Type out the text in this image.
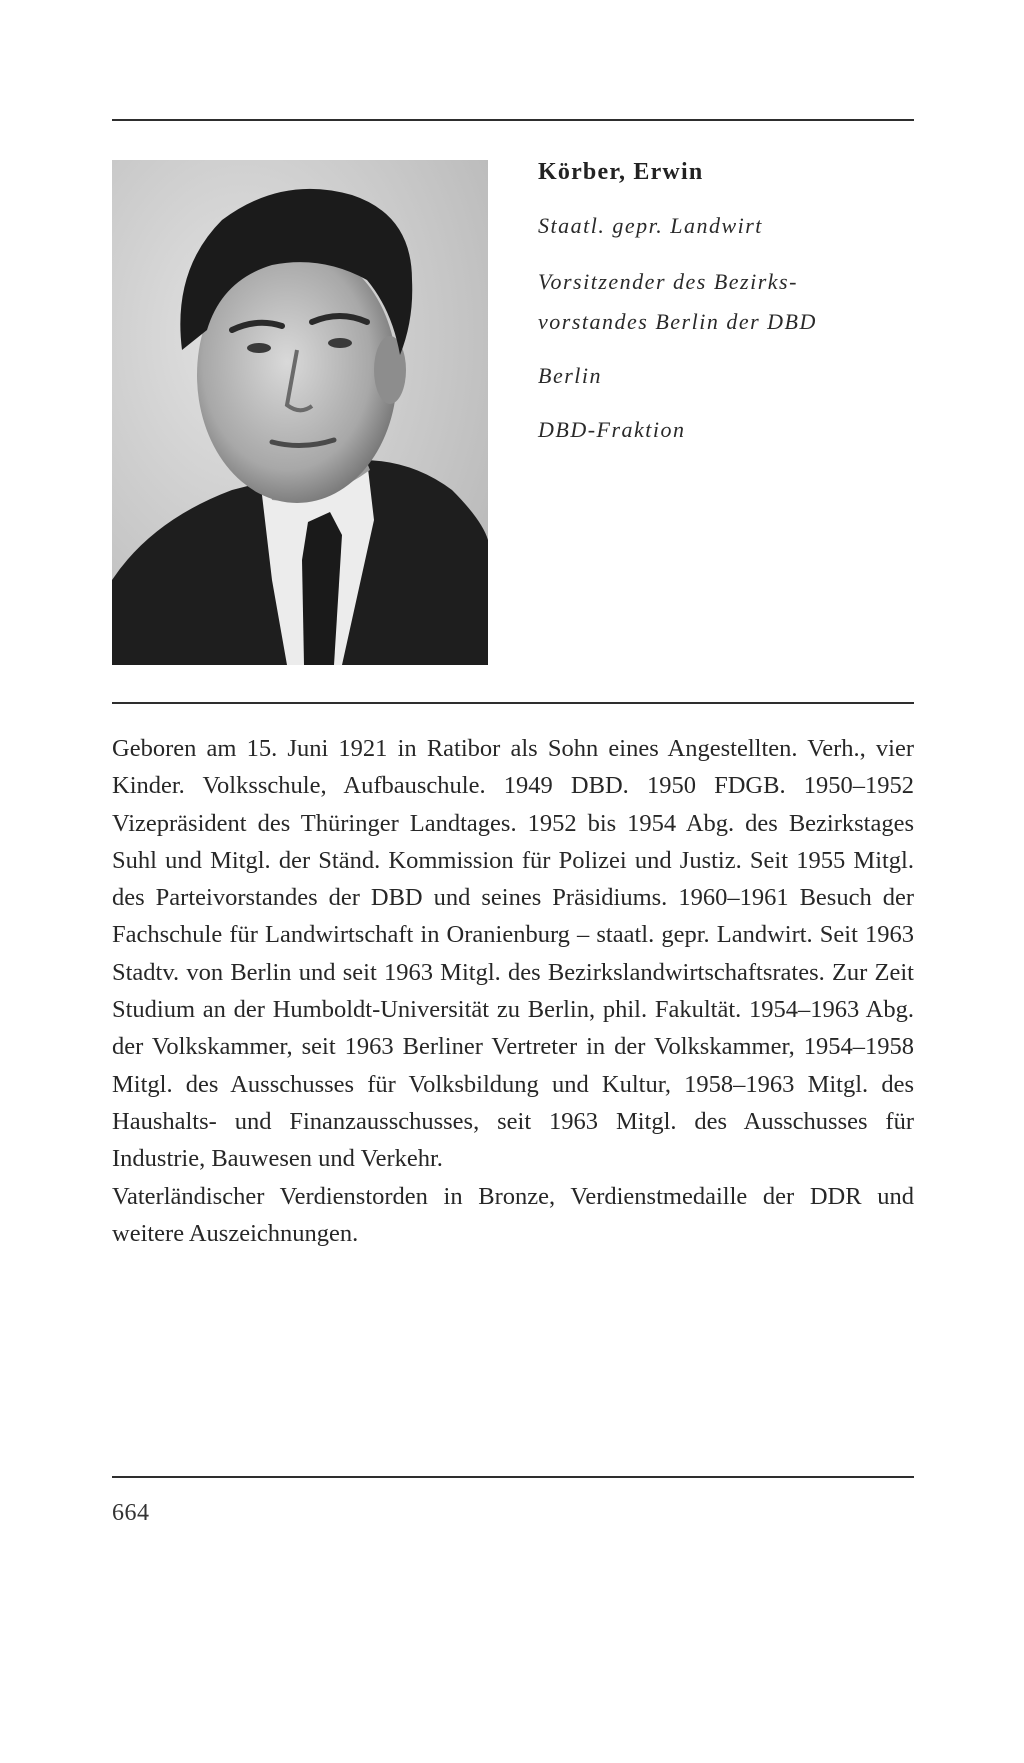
Körber, Erwin
Staatl. gepr. Landwirt
Vorsitzender des Bezirks-
vorstandes Berlin der DBD
Berlin
DBD-Fraktion

Geboren am 15. Juni 1921 in Ratibor als Sohn eines Angestellten. Verh., vier Kinder. Volksschule, Aufbauschule. 1949 DBD. 1950 FDGB. 1950–1952 Vizepräsident des Thüringer Landtages. 1952 bis 1954 Abg. des Bezirkstages Suhl und Mitgl. der Ständ. Kommission für Polizei und Justiz. Seit 1955 Mitgl. des Parteivorstandes der DBD und seines Präsidiums. 1960–1961 Besuch der Fachschule für Landwirtschaft in Oranienburg – staatl. gepr. Landwirt. Seit 1963 Stadtv. von Berlin und seit 1963 Mitgl. des Bezirkslandwirtschaftsrates. Zur Zeit Studium an der Humboldt-Universität zu Berlin, phil. Fakultät. 1954–1963 Abg. der Volkskammer, seit 1963 Berliner Vertreter in der Volkskammer, 1954–1958 Mitgl. des Ausschusses für Volksbildung und Kultur, 1958–1963 Mitgl. des Haushalts- und Finanzausschusses, seit 1963 Mitgl. des Ausschusses für Industrie, Bauwesen und Verkehr.

Vaterländischer Verdienstorden in Bronze, Verdienstmedaille der DDR und weitere Auszeichnungen.

664
